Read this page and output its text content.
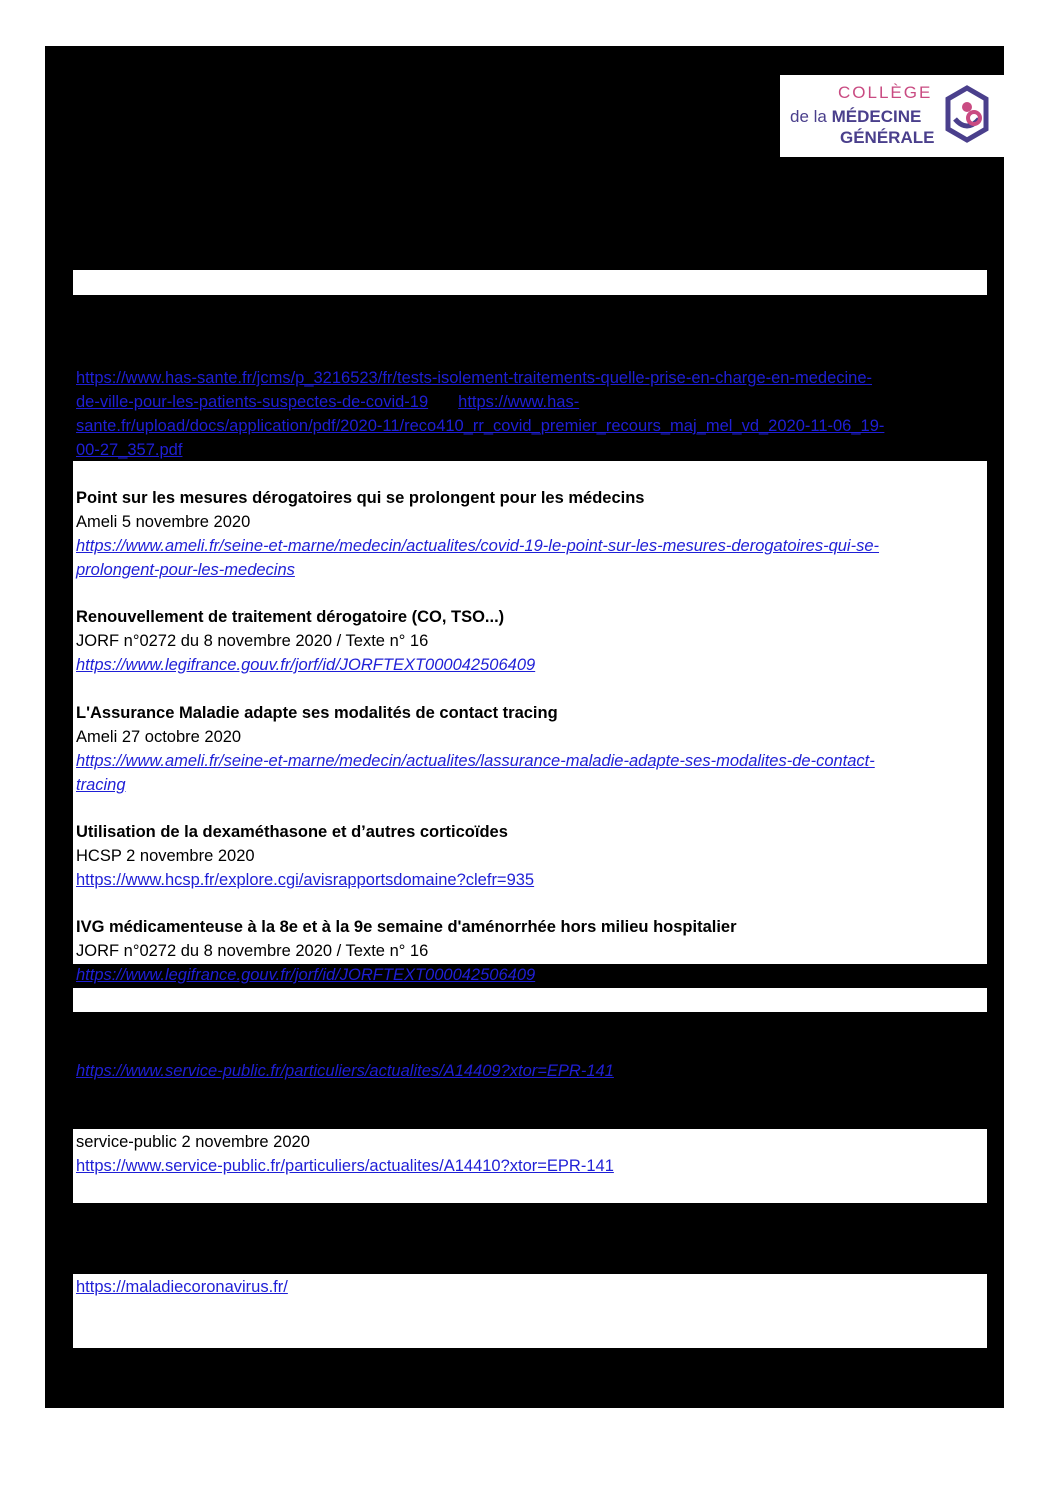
COLLÈGE
de la MÉDECINE
GÉNÉRALE
https://www.has-sante.fr/jcms/p_3216523/fr/tests-isolement-traitements-quelle-prise-en-charge-en-medecine-
de-ville-pour-les-patients-suspectes-de-covid-19 https://www.has-
sante.fr/upload/docs/application/pdf/2020-11/reco410_rr_covid_premier_recours_maj_mel_vd_2020-11-06_19-
00-27_357.pdf
Point sur les mesures dérogatoires qui se prolongent pour les médecins
Ameli 5 novembre 2020
https://www.ameli.fr/seine-et-marne/medecin/actualites/covid-19-le-point-sur-les-mesures-derogatoires-qui-se-
prolongent-pour-les-medecins
Renouvellement de traitement dérogatoire (CO, TSO...)
JORF n°0272 du 8 novembre 2020 / Texte n° 16
https://www.legifrance.gouv.fr/jorf/id/JORFTEXT000042506409
L'Assurance Maladie adapte ses modalités de contact tracing
Ameli 27 octobre 2020
https://www.ameli.fr/seine-et-marne/medecin/actualites/lassurance-maladie-adapte-ses-modalites-de-contact-
tracing
Utilisation de la dexaméthasone et d’autres corticoïdes
HCSP 2 novembre 2020
https://www.hcsp.fr/explore.cgi/avisrapportsdomaine?clefr=935
IVG médicamenteuse à la 8e et à la 9e semaine d'aménorrhée hors milieu hospitalier
JORF n°0272 du 8 novembre 2020 / Texte n° 16
https://www.legifrance.gouv.fr/jorf/id/JORFTEXT000042506409
https://www.service-public.fr/particuliers/actualites/A14409?xtor=EPR-141
service-public 2 novembre 2020
https://www.service-public.fr/particuliers/actualites/A14410?xtor=EPR-141
https://maladiecoronavirus.fr/
